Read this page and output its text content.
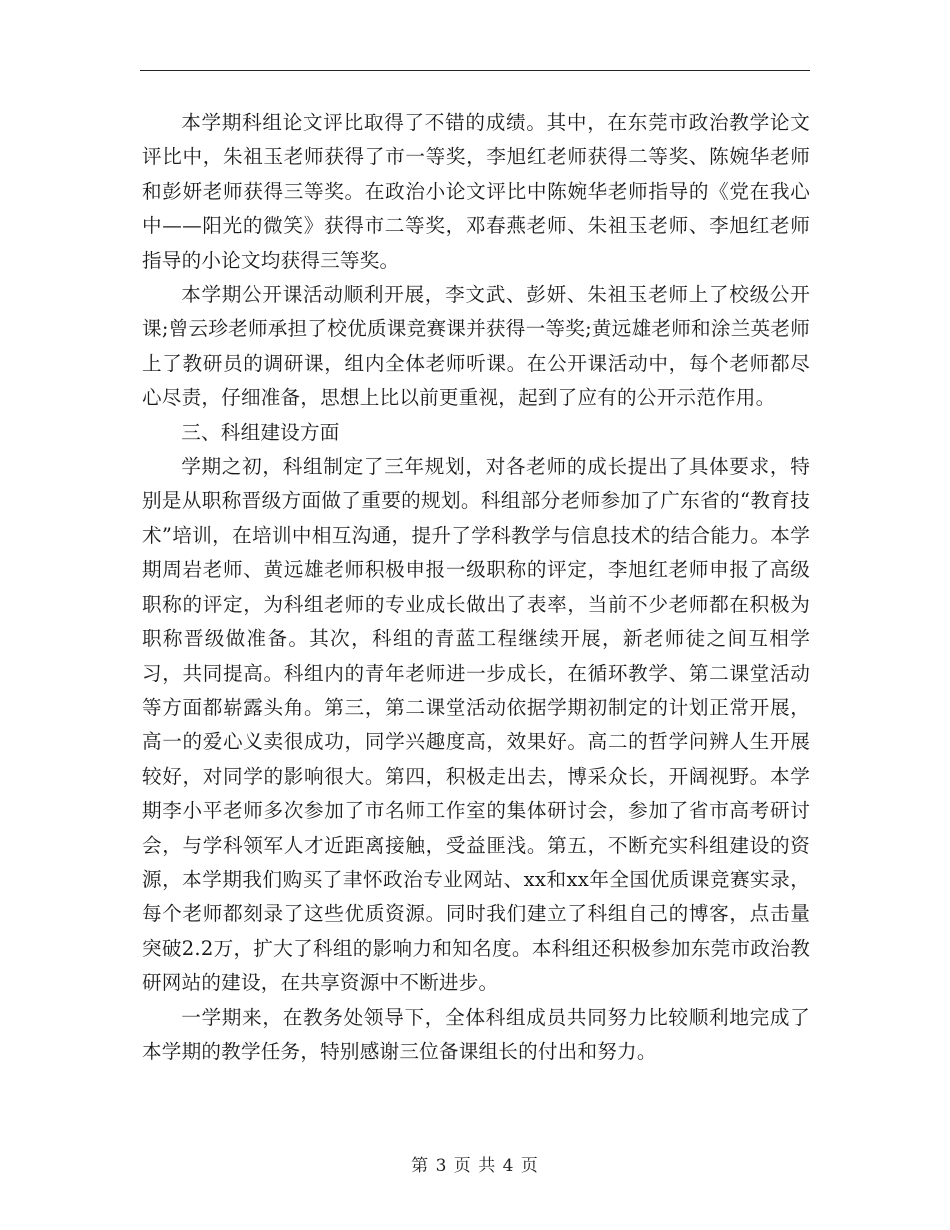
本学期科组论文评比取得了不错的成绩。其中，在东莞市政治教学论文评比中，朱祖玉老师获得了市一等奖，李旭红老师获得二等奖、陈婉华老师和彭妍老师获得三等奖。在政治小论文评比中陈婉华老师指导的《党在我心中——阳光的微笑》获得市二等奖，邓春燕老师、朱祖玉老师、李旭红老师指导的小论文均获得三等奖。

本学期公开课活动顺利开展，李文武、彭妍、朱祖玉老师上了校级公开课;曾云珍老师承担了校优质课竞赛课并获得一等奖;黄远雄老师和涂兰英老师上了教研员的调研课，组内全体老师听课。在公开课活动中，每个老师都尽心尽责，仔细准备，思想上比以前更重视，起到了应有的公开示范作用。

三、科组建设方面

学期之初，科组制定了三年规划，对各老师的成长提出了具体要求，特别是从职称晋级方面做了重要的规划。科组部分老师参加了广东省的“教育技术”培训，在培训中相互沟通，提升了学科教学与信息技术的结合能力。本学期周岩老师、黄远雄老师积极申报一级职称的评定，李旭红老师申报了高级职称的评定，为科组老师的专业成长做出了表率，当前不少老师都在积极为职称晋级做准备。其次，科组的青蓝工程继续开展，新老师徒之间互相学习，共同提高。科组内的青年老师进一步成长，在循环教学、第二课堂活动等方面都崭露头角。第三，第二课堂活动依据学期初制定的计划正常开展，高一的爱心义卖很成功，同学兴趣度高，效果好。高二的哲学问辨人生开展较好，对同学的影响很大。第四，积极走出去，博采众长，开阔视野。本学期李小平老师多次参加了市名师工作室的集体研讨会，参加了省市高考研讨会，与学科领军人才近距离接触，受益匪浅。第五，不断充实科组建设的资源，本学期我们购买了聿怀政治专业网站、xx和xx年全国优质课竞赛实录，每个老师都刻录了这些优质资源。同时我们建立了科组自己的博客，点击量突破2.2万，扩大了科组的影响力和知名度。本科组还积极参加东莞市政治教研网站的建设，在共享资源中不断进步。

一学期来，在教务处领导下，全体科组成员共同努力比较顺利地完成了本学期的教学任务，特别感谢三位备课组长的付出和努力。

第 3 页 共 4 页
